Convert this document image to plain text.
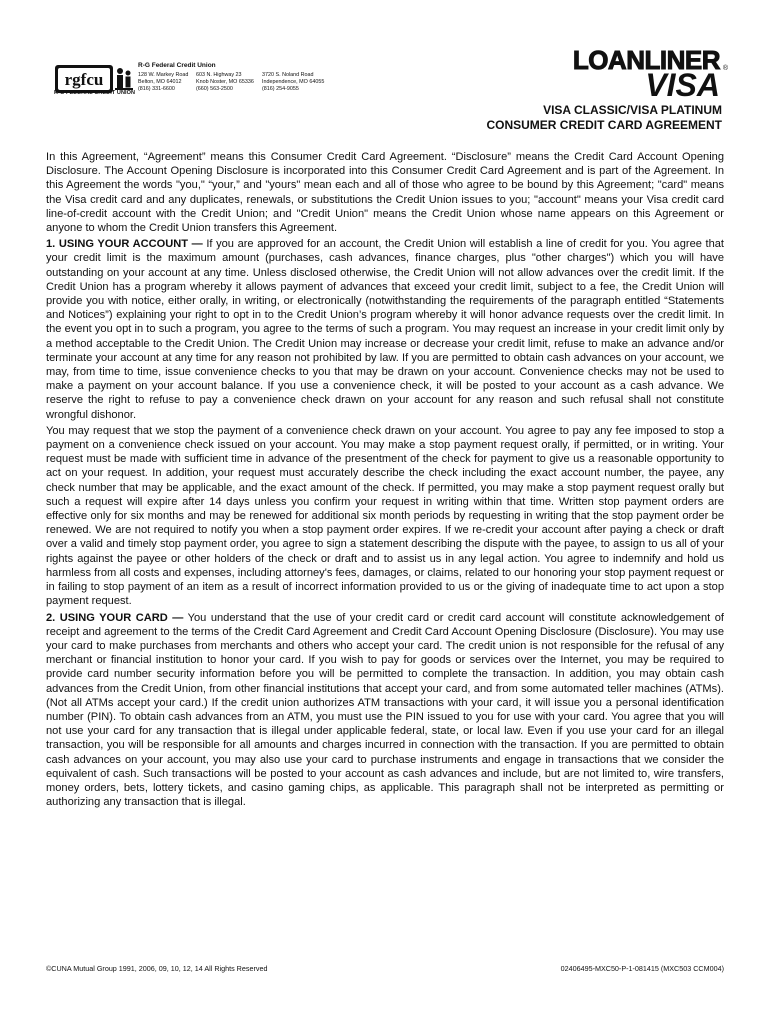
rgfcu
R-G FEDERAL CREDIT UNION
R-G Federal Credit Union
128 W. Markey Road
Belton, MO 64012
(816) 331-6600
603 N. Highway 23
Knob Noster, MO 65336
(660) 563-2500
3720 S. Noland Road
Independence, MO 64055
(816) 254-9055
LOANLINER ®
VISA
VISA CLASSIC/VISA PLATINUM
CONSUMER CREDIT CARD AGREEMENT

In this Agreement, “Agreement” means this Consumer Credit Card Agreement. “Disclosure” means the Credit Card Account Opening Disclosure. The Account Opening Disclosure is incorporated into this Consumer Credit Card Agreement and is part of the Agreement. In this Agreement the words "you," “your,” and "yours" mean each and all of those who agree to be bound by this Agreement; "card" means the Visa credit card and any duplicates, renewals, or substitutions the Credit Union issues to you; "account" means your Visa credit card line-of-credit account with the Credit Union; and "Credit Union" means the Credit Union whose name appears on this Agreement or anyone to whom the Credit Union transfers this Agreement.

1. USING YOUR ACCOUNT — If you are approved for an account, the Credit Union will establish a line of credit for you. You agree that your credit limit is the maximum amount (purchases, cash advances, finance charges, plus "other charges") which you will have outstanding on your account at any time. Unless disclosed otherwise, the Credit Union will not allow advances over the credit limit. If the Credit Union has a program whereby it allows payment of advances that exceed your credit limit, subject to a fee, the Credit Union will provide you with notice, either orally, in writing, or electronically (notwithstanding the requirements of the paragraph entitled “Statements and Notices”) explaining your right to opt in to the Credit Union’s program whereby it will honor advance requests over the credit limit. In the event you opt in to such a program, you agree to the terms of such a program. You may request an increase in your credit limit only by a method acceptable to the Credit Union. The Credit Union may increase or decrease your credit limit, refuse to make an advance and/or terminate your account at any time for any reason not prohibited by law. If you are permitted to obtain cash advances on your account, we may, from time to time, issue convenience checks to you that may be drawn on your account. Convenience checks may not be used to make a payment on your account balance. If you use a convenience check, it will be posted to your account as a cash advance. We reserve the right to refuse to pay a convenience check drawn on your account for any reason and such refusal shall not constitute wrongful dishonor.

You may request that we stop the payment of a convenience check drawn on your account. You agree to pay any fee imposed to stop a payment on a convenience check issued on your account. You may make a stop payment request orally, if permitted, or in writing. Your request must be made with sufficient time in advance of the presentment of the check for payment to give us a reasonable opportunity to act on your request. In addition, your request must accurately describe the check including the exact account number, the payee, any check number that may be applicable, and the exact amount of the check. If permitted, you may make a stop payment request orally but such a request will expire after 14 days unless you confirm your request in writing within that time. Written stop payment orders are effective only for six months and may be renewed for additional six month periods by requesting in writing that the stop payment order be renewed. We are not required to notify you when a stop payment order expires. If we re-credit your account after paying a check or draft over a valid and timely stop payment order, you agree to sign a statement describing the dispute with the payee, to assign to us all of your rights against the payee or other holders of the check or draft and to assist us in any legal action. You agree to indemnify and hold us harmless from all costs and expenses, including attorney's fees, damages, or claims, related to our honoring your stop payment request or in failing to stop payment of an item as a result of incorrect information provided to us or the giving of inadequate time to act upon a stop payment request.

2. USING YOUR CARD — You understand that the use of your credit card or credit card account will constitute acknowledgement of receipt and agreement to the terms of the Credit Card Agreement and Credit Card Account Opening Disclosure (Disclosure). You may use your card to make purchases from merchants and others who accept your card. The credit union is not responsible for the refusal of any merchant or financial institution to honor your card. If you wish to pay for goods or services over the Internet, you may be required to provide card number security information before you will be permitted to complete the transaction. In addition, you may obtain cash advances from the Credit Union, from other financial institutions that accept your card, and from some automated teller machines (ATMs). (Not all ATMs accept your card.) If the credit union authorizes ATM transactions with your card, it will issue you a personal identification number (PIN). To obtain cash advances from an ATM, you must use the PIN issued to you for use with your card. You agree that you will not use your card for any transaction that is illegal under applicable federal, state, or local law. Even if you use your card for an illegal transaction, you will be responsible for all amounts and charges incurred in connection with the transaction. If you are permitted to obtain cash advances on your account, you may also use your card to purchase instruments and engage in transactions that we consider the equivalent of cash. Such transactions will be posted to your account as cash advances and include, but are not limited to, wire transfers, money orders, bets, lottery tickets, and casino gaming chips, as applicable. This paragraph shall not be interpreted as permitting or authorizing any transaction that is illegal.

©CUNA Mutual Group 1991, 2006, 09, 10, 12, 14 All Rights Reserved	02406495-MXC50-P-1-081415 (MXC503 CCM004)
